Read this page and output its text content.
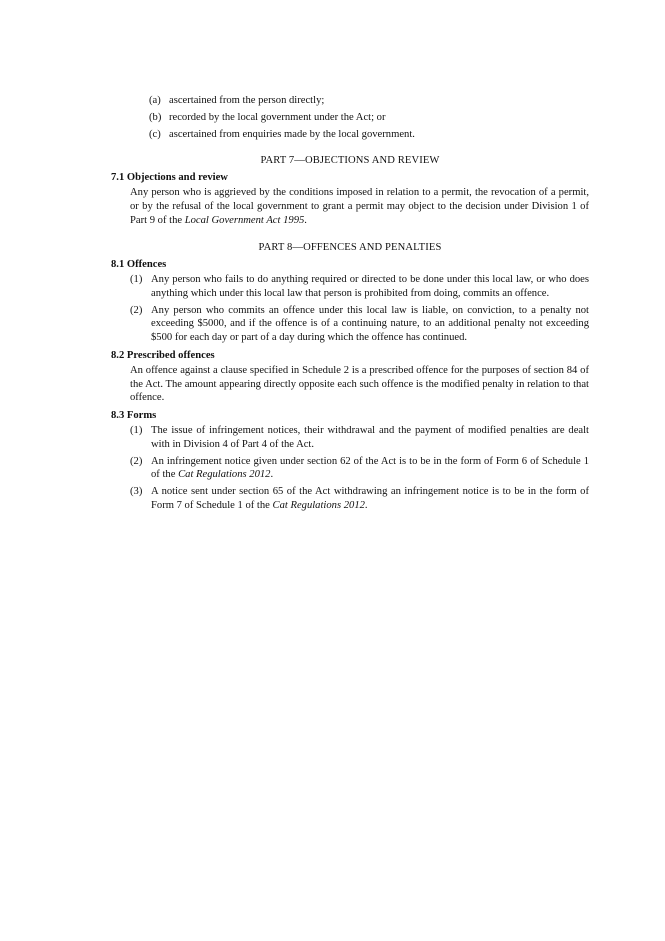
(a) ascertained from the person directly;
(b) recorded by the local government under the Act; or
(c) ascertained from enquiries made by the local government.
PART 7—OBJECTIONS AND REVIEW
7.1 Objections and review

Any person who is aggrieved by the conditions imposed in relation to a permit, the revocation of a permit, or by the refusal of the local government to grant a permit may object to the decision under Division 1 of Part 9 of the Local Government Act 1995.

PART 8—OFFENCES AND PENALTIES
8.1 Offences
(1) Any person who fails to do anything required or directed to be done under this local law, or who does anything which under this local law that person is prohibited from doing, commits an offence.
(2) Any person who commits an offence under this local law is liable, on conviction, to a penalty not exceeding $5000, and if the offence is of a continuing nature, to an additional penalty not exceeding $500 for each day or part of a day during which the offence has continued.
8.2 Prescribed offences

An offence against a clause specified in Schedule 2 is a prescribed offence for the purposes of section 84 of the Act. The amount appearing directly opposite each such offence is the modified penalty in relation to that offence.

8.3 Forms
(1) The issue of infringement notices, their withdrawal and the payment of modified penalties are dealt with in Division 4 of Part 4 of the Act.
(2) An infringement notice given under section 62 of the Act is to be in the form of Form 6 of Schedule 1 of the Cat Regulations 2012.
(3) A notice sent under section 65 of the Act withdrawing an infringement notice is to be in the form of Form 7 of Schedule 1 of the Cat Regulations 2012.
